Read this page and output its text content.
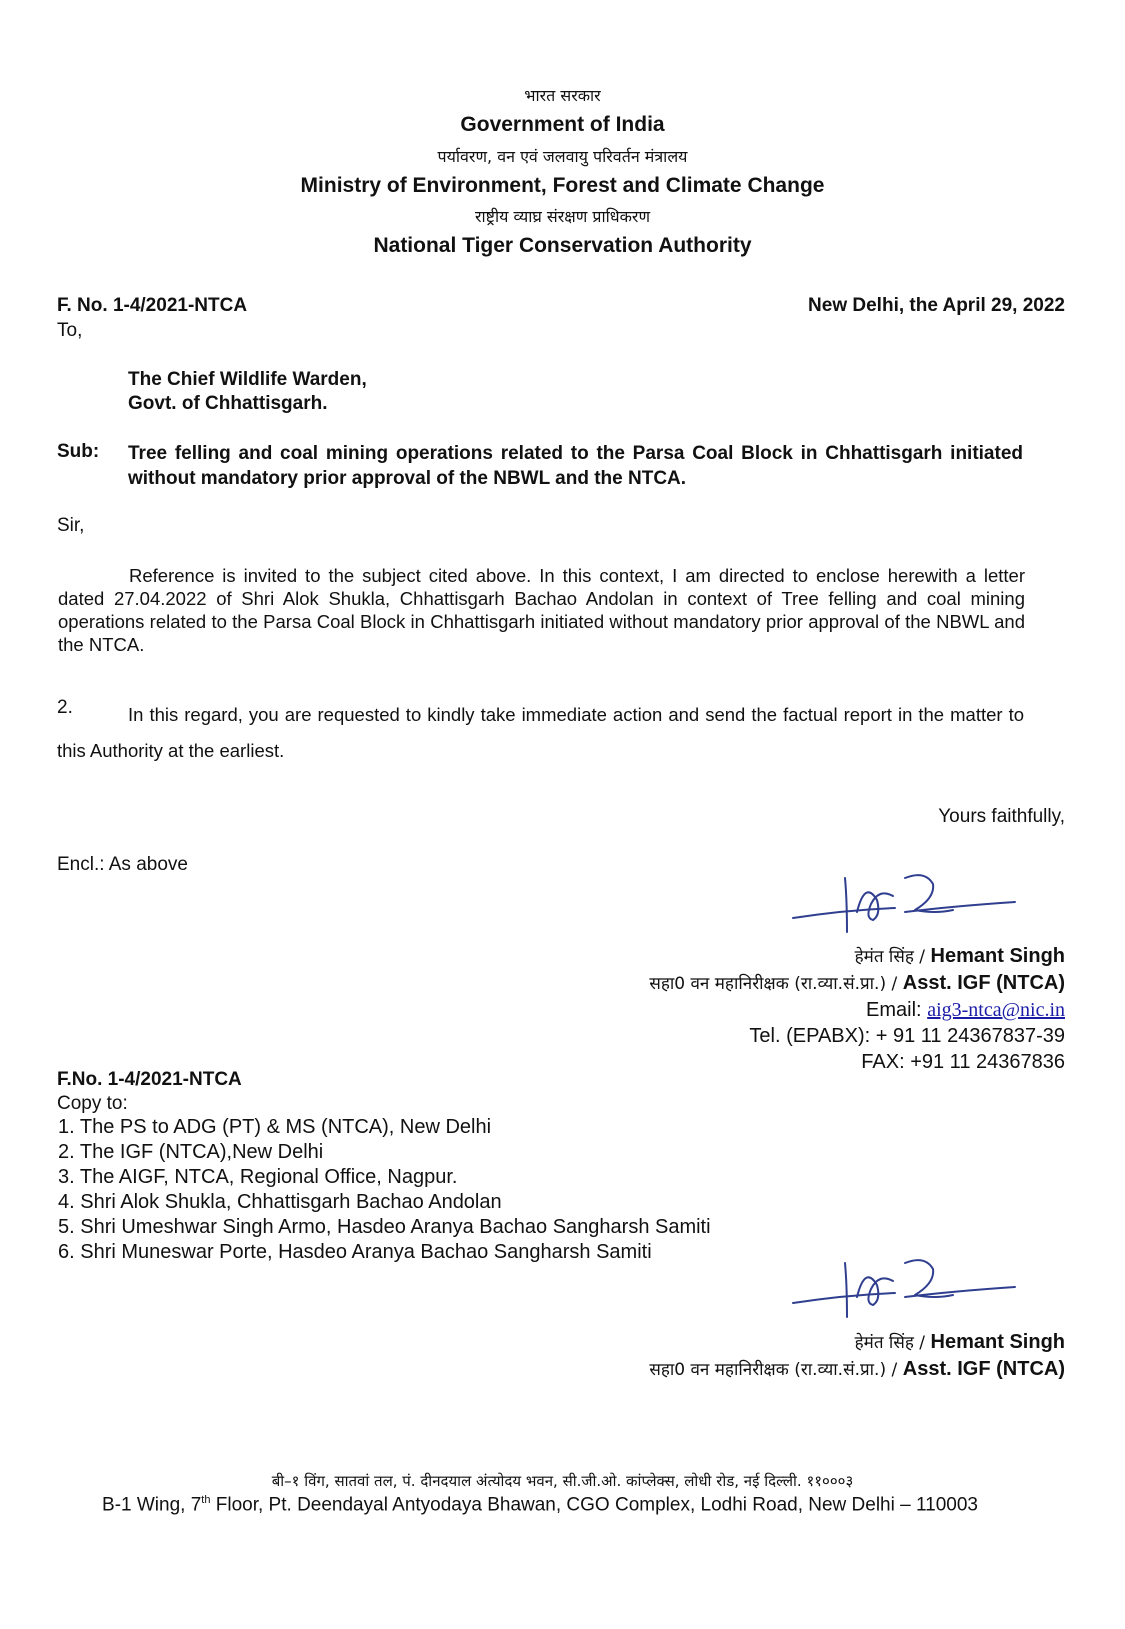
भारत सरकार
Government of India
पर्यावरण, वन एवं जलवायु परिवर्तन मंत्रालय
Ministry of Environment, Forest and Climate Change
राष्ट्रीय व्याघ्र संरक्षण प्राधिकरण
National Tiger Conservation Authority
F. No. 1-4/2021-NTCA	New Delhi, the April 29, 2022
To,
The Chief Wildlife Warden,
Govt. of Chhattisgarh.
Sub: Tree felling and coal mining operations related to the Parsa Coal Block in Chhattisgarh initiated without mandatory prior approval of the NBWL and the NTCA.
Sir,
Reference is invited to the subject cited above. In this context, I am directed to enclose herewith a letter dated 27.04.2022 of Shri Alok Shukla, Chhattisgarh Bachao Andolan in context of Tree felling and coal mining operations related to the Parsa Coal Block in Chhattisgarh initiated without mandatory prior approval of the NBWL and the NTCA.
2.	In this regard, you are requested to kindly take immediate action and send the factual report in the matter to this Authority at the earliest.
Yours faithfully,
Encl.: As above
हेमंत सिंह / Hemant Singh
सहा0 वन महानिरीक्षक (रा.व्या.सं.प्रा.) / Asst. IGF (NTCA)
Email: aig3-ntca@nic.in
Tel. (EPABX): + 91 11 24367837-39
FAX: +91 11 24367836
F.No. 1-4/2021-NTCA
Copy to:
1. The PS to ADG (PT) & MS (NTCA), New Delhi
2. The IGF (NTCA),New Delhi
3. The AIGF, NTCA, Regional Office, Nagpur.
4. Shri Alok Shukla, Chhattisgarh Bachao Andolan
5. Shri Umeshwar Singh Armo, Hasdeo Aranya Bachao Sangharsh Samiti
6. Shri Muneswar Porte, Hasdeo Aranya Bachao Sangharsh Samiti
हेमंत सिंह / Hemant Singh
सहा0 वन महानिरीक्षक (रा.व्या.सं.प्रा.) / Asst. IGF (NTCA)
बी–१ विंग, सातवां तल, पं. दीनदयाल अंत्योदय भवन, सी.जी.ओ. कांप्लेक्स, लोधी रोड, नई दिल्ली. ११०००३
B-1 Wing, 7th Floor, Pt. Deendayal Antyodaya Bhawan, CGO Complex, Lodhi Road, New Delhi – 110003
